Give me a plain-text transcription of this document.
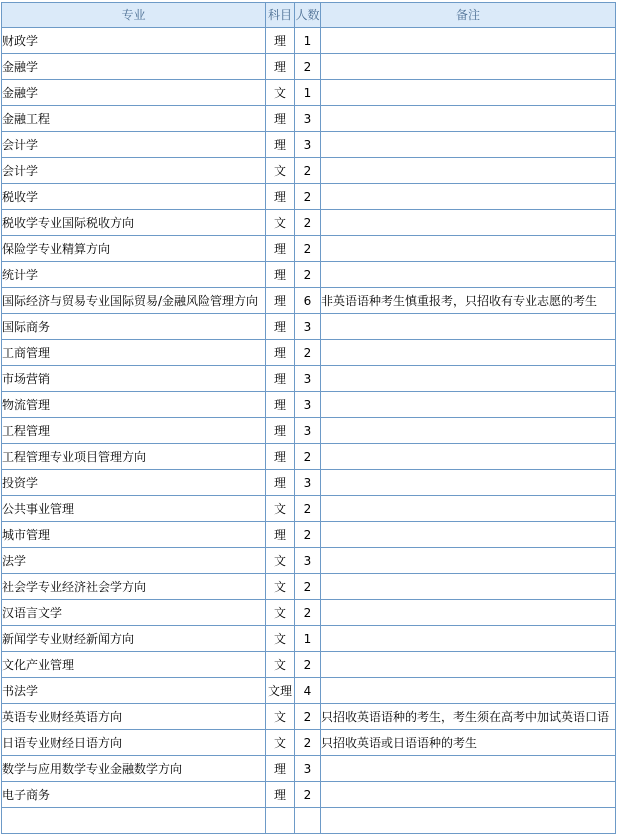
专业	科目	人数	备注
财政学	理	1	
金融学	理	2	
金融学	文	1	
金融工程	理	3	
会计学	理	3	
会计学	文	2	
税收学	理	2	
税收学专业国际税收方向	文	2	
保险学专业精算方向	理	2	
统计学	理	2	
国际经济与贸易专业国际贸易/金融风险管理方向	理	6	非英语语种考生慎重报考，只招收有专业志愿的考生
国际商务	理	3	
工商管理	理	2	
市场营销	理	3	
物流管理	理	3	
工程管理	理	3	
工程管理专业项目管理方向	理	2	
投资学	理	3	
公共事业管理	文	2	
城市管理	理	2	
法学	文	3	
社会学专业经济社会学方向	文	2	
汉语言文学	文	2	
新闻学专业财经新闻方向	文	1	
文化产业管理	文	2	
书法学	文理	4	
英语专业财经英语方向	文	2	只招收英语语种的考生，考生须在高考中加试英语口语
日语专业财经日语方向	文	2	只招收英语或日语语种的考生
数学与应用数学专业金融数学方向	理	3	
电子商务	理	2	
